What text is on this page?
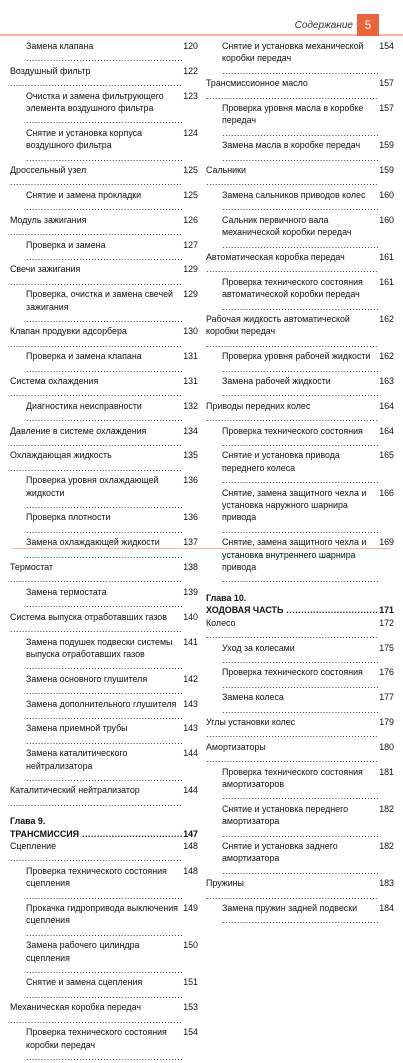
Содержание 5
Замена клапана .....	120
Воздушный фильтр .....	122
Очистка и замена фильтрующего элемента воздушного фильтра .....
123
Снятие и установка корпуса воздушного фильтра .....
124
Дроссельный узел .....	125
Снятие и замена прокладки .....	125
Модуль зажигания .....	126
Проверка и замена .....	127
Свечи зажигания .....	129
Проверка, очистка и замена свечей зажигания .....
129
Клапан продувки адсорбера .....	130
Проверка и замена клапана .....	131
Система охлаждения .....	131
Диагностика неисправности .....	132
Давление в системе охлаждения .....	134
Охлаждающая жидкость .....	135
Проверка уровня охлаждающей жидкости .....
136
Проверка плотности .....	136
Замена охлаждающей жидкости .....	137
Термостат .....	138
Замена термостата .....	139
Система выпуска отработавших газов .....	140
Замена подушек подвески системы выпуска отработавших газов .....
141
Замена основного глушителя .....	142
Замена дополнительного глушителя ..... 143
Замена приемной трубы .....	143
Замена каталитического нейтрализатора .....
144
Каталитический нейтрализатор .....	144
Глава 9.
ТРАНСМИССИЯ .....	147
Сцепление .....	148
Проверка технического состояния сцепления .....
148
Прокачка гидропривода выключения сцепления .....
149
Замена рабочего цилиндра сцепления .....
150
Снятие и замена сцепления .....	151
Механическая коробка передач .....	153
Проверка технического состояния коробки передач .....
154
Снятие и установка механической коробки передач .....
154
Трансмиссионное масло .....	157
Проверка уровня масла в коробке передач .....
157
Замена масла в коробке передач .....	159
Сальники .....	159
Замена сальников приводов колес .....	160
Сальник первичного вала механической коробки передач .....
160
Автоматическая коробка передач .....	161
Проверка технического состояния автоматической коробки передач .....
161
Рабочая жидкость автоматической коробки передач .....
162
Проверка уровня рабочей жидкости ..... 162
Замена рабочей жидкости .....	163
Приводы передних колес .....	164
Проверка технического состояния .....	164
Снятие и установка привода переднего колеса .....
165
Снятие, замена защитного чехла и установка наружного шарнира привода .....
166
Снятие, замена защитного чехла и установка внутреннего шарнира привода .....
169
Глава 10.
ХОДОВАЯ ЧАСТЬ .....	171
Колесо .....	172
Уход за колесами .....	175
Проверка технического состояния .....	176
Замена колеса .....	177
Углы установки колес .....	179
Амортизаторы .....	180
Проверка технического состояния амортизаторов .....
181
Снятие и установка переднего амортизатора .....
182
Снятие и установка заднего амортизатора .....
182
Пружины .....	183
Замена пружин задней подвески .....	184
